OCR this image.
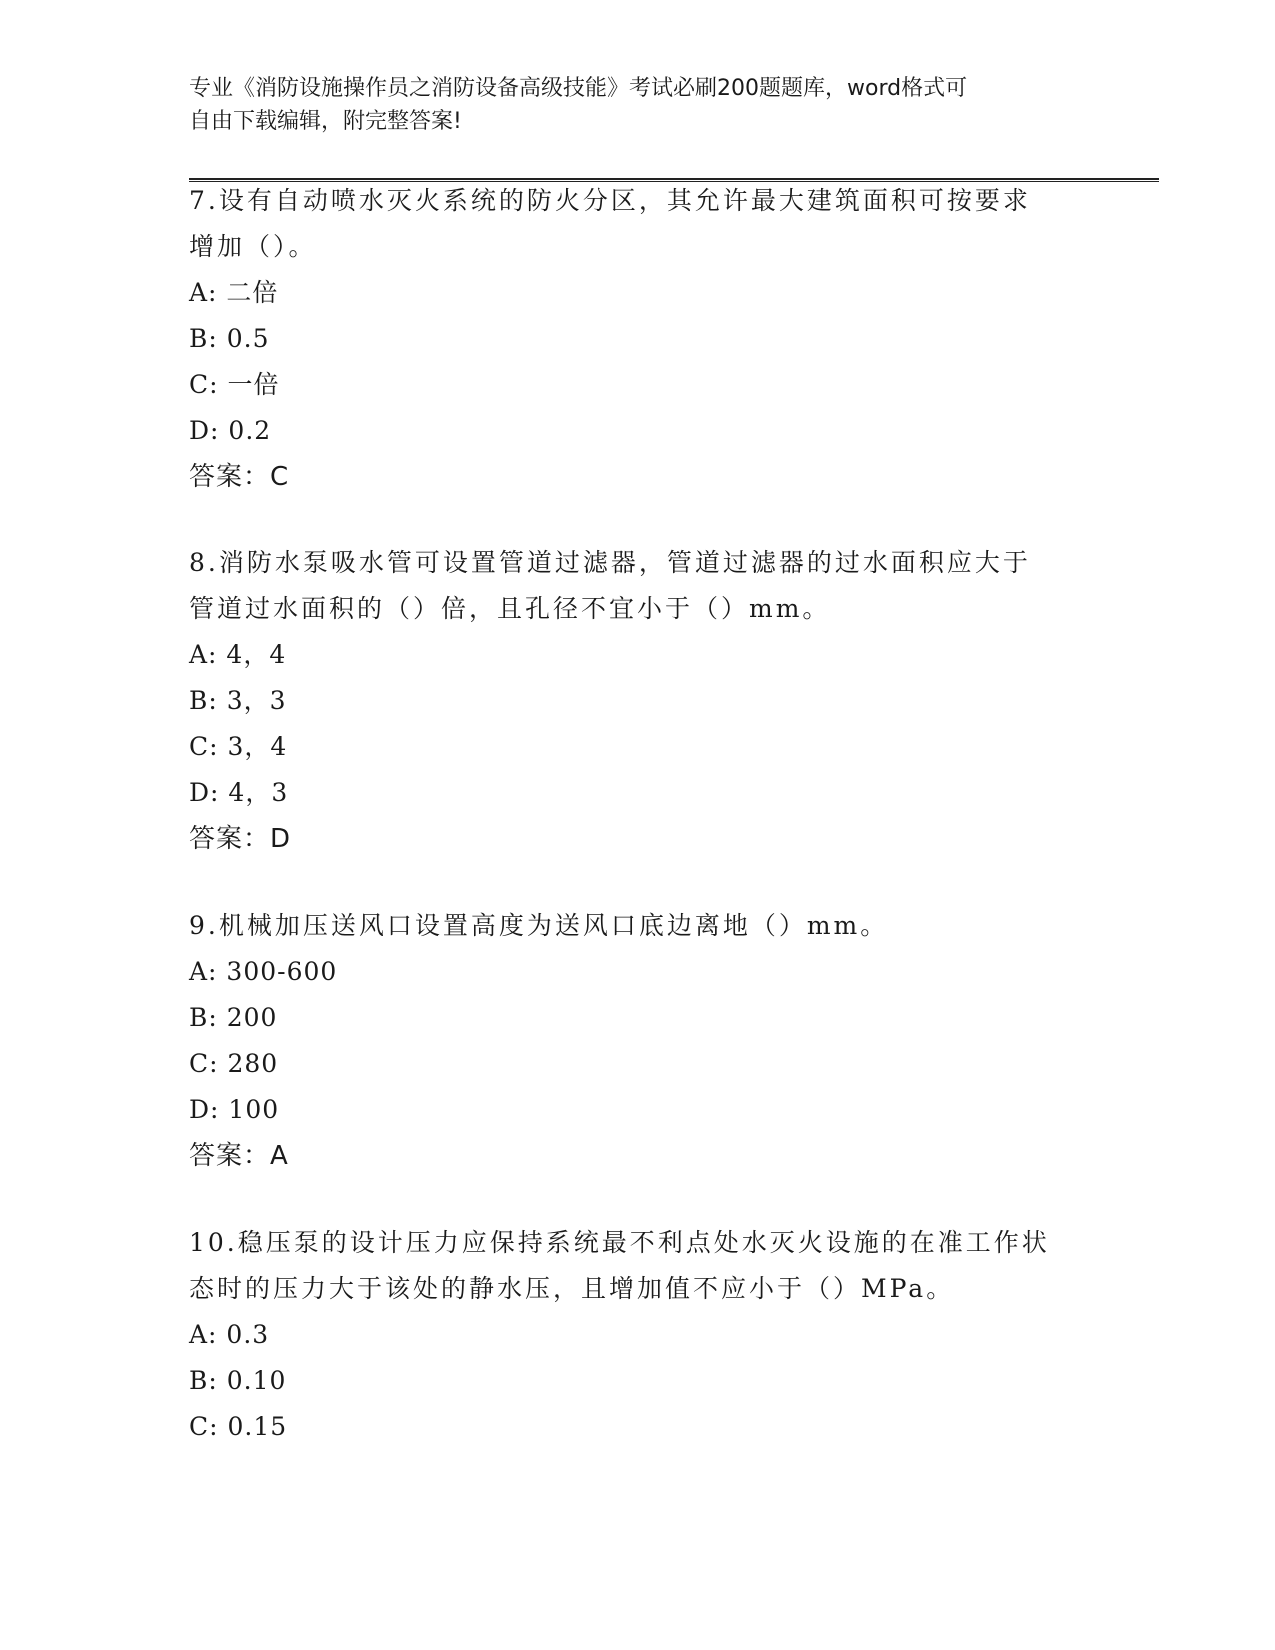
专业《消防设施操作员之消防设备高级技能》考试必刷200题题库，word格式可
自由下载编辑，附完整答案!
7.设有自动喷水灭火系统的防火分区，其允许最大建筑面积可按要求
增加（）。
A: 二倍
B: 0.5
C: 一倍
D: 0.2
答案：C
8.消防水泵吸水管可设置管道过滤器，管道过滤器的过水面积应大于
管道过水面积的（）倍，且孔径不宜小于（）mm。
A: 4，4
B: 3，3
C: 3，4
D: 4，3
答案：D
9.机械加压送风口设置高度为送风口底边离地（）mm。
A: 300-600
B: 200
C: 280
D: 100
答案：A
10.稳压泵的设计压力应保持系统最不利点处水灭火设施的在准工作状
态时的压力大于该处的静水压，且增加值不应小于（）MPa。
A: 0.3
B: 0.10
C: 0.15
